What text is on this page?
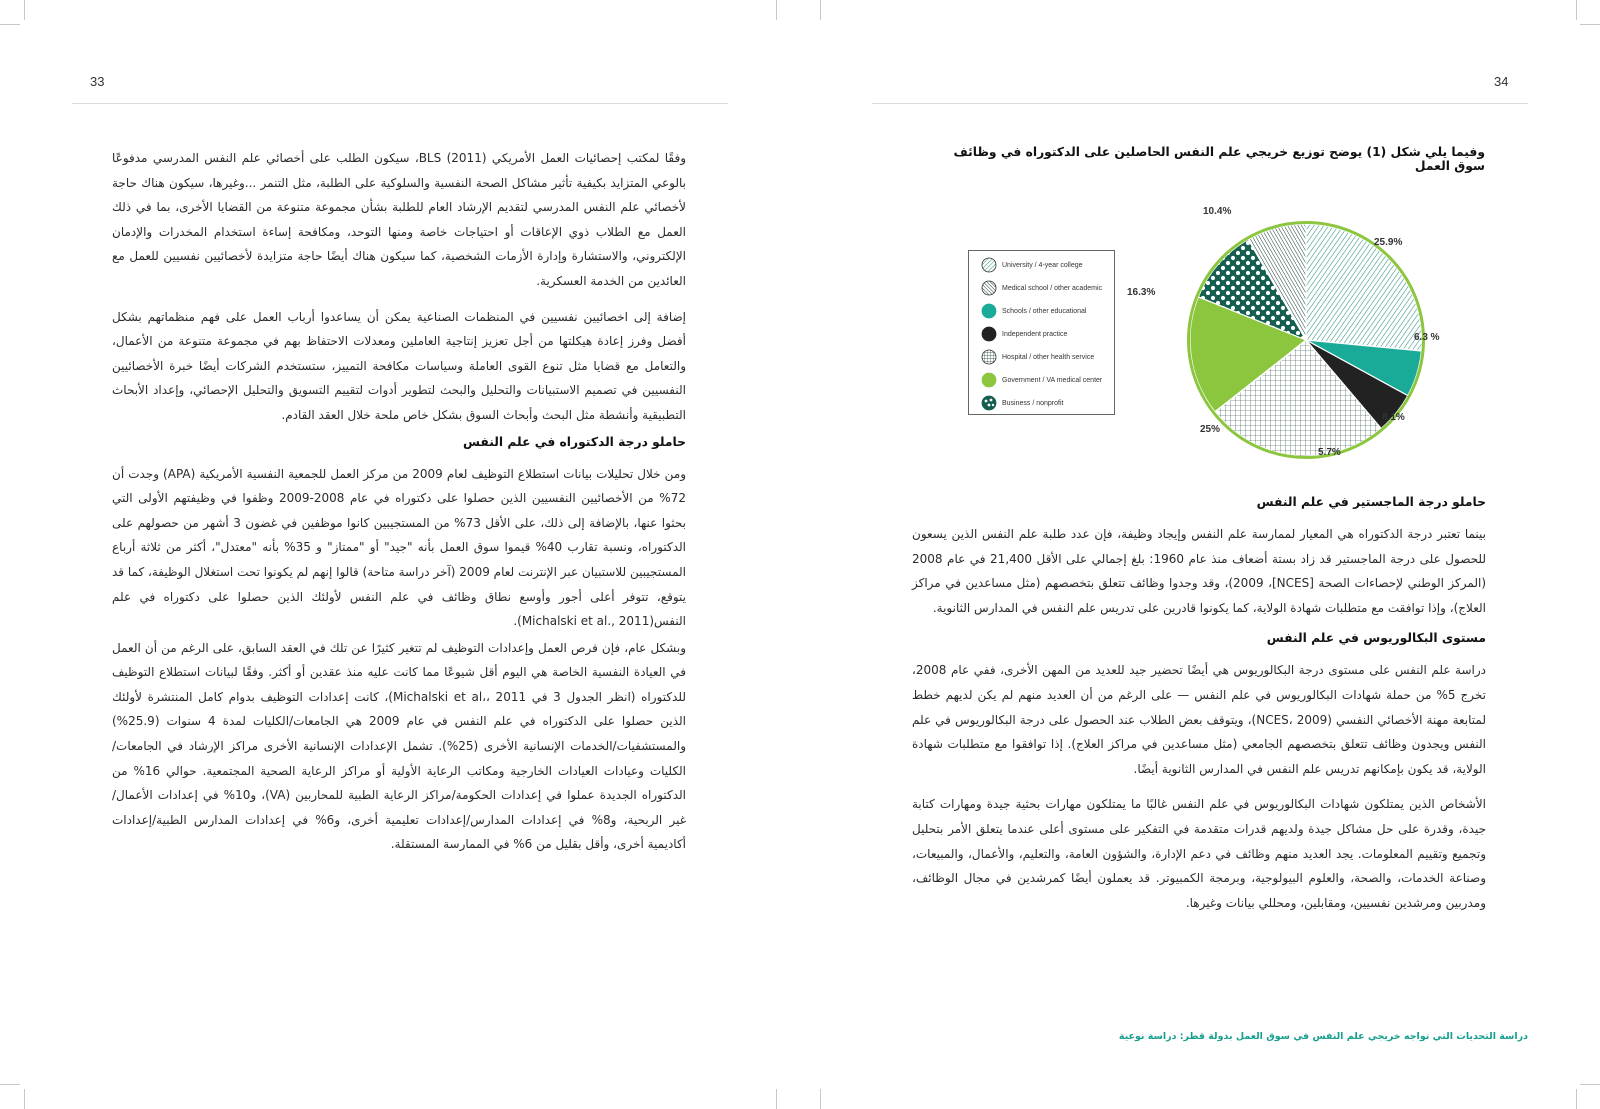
33

وفقًا لمكتب إحصائيات العمل الأمريكي BLS (2011)، سيكون الطلب على أخصائي علم النفس المدرسي مدفوعًا بالوعي المتزايد بكيفية تأثير مشاكل الصحة النفسية والسلوكية على الطلبة، مثل التنمر ...وغيرها، سيكون هناك حاجة لأخصائي علم النفس المدرسي لتقديم الإرشاد العام للطلبة بشأن مجموعة متنوعة من القضايا الأخرى، بما في ذلك العمل مع الطلاب ذوي الإعاقات أو احتياجات خاصة ومنها التوحد، ومكافحة إساءة استخدام المخدرات والإدمان الإلكتروني، والاستشارة وإدارة الأزمات الشخصية، كما سيكون هناك أيضًا حاجة متزايدة لأخصائيين نفسيين للعمل مع العائدين من الخدمة العسكرية.

إضافة إلى اخصائيين نفسيين في المنظمات الصناعية يمكن أن يساعدوا أرباب العمل على فهم منظماتهم بشكل أفضل وفرز إعادة هيكلتها من أجل تعزيز إنتاجية العاملين ومعدلات الاحتفاظ بهم في مجموعة متنوعة من الأعمال، والتعامل مع قضايا مثل تنوع القوى العاملة وسياسات مكافحة التمييز، ستستخدم الشركات أيضًا خبرة الأخصائيين النفسيين في تصميم الاستبيانات والتحليل والبحث لتطوير أدوات لتقييم التسويق والتحليل الإحصائي، وإعداد الأبحاث التطبيقية وأنشطة مثل البحث وأبحاث السوق بشكل خاص ملحة خلال العقد القادم.

حاملو درجة الدكتوراه في علم النفس

ومن خلال تحليلات بيانات استطلاع التوظيف لعام 2009 من مركز العمل للجمعية النفسية الأمريكية (APA) وجدت أن 72% من الأخصائيين النفسيين الذين حصلوا على دكتوراه في عام 2008-2009 وظفوا في وظيفتهم الأولى التي بحثوا عنها، بالإضافة إلى ذلك، على الأقل 73% من المستجيبين كانوا موظفين في غضون 3 أشهر من حصولهم على الدكتوراه، ونسبة تقارب 40% قيموا سوق العمل بأنه "جيد" أو "ممتاز" و 35% بأنه "معتدل"، أكثر من ثلاثة أرباع المستجيبين للاستبيان عبر الإنترنت لعام 2009 (آخر دراسة متاحة) قالوا إنهم لم يكونوا تحت استغلال الوظيفة، كما قد يتوقع، تتوفر أعلى أجور وأوسع نطاق وظائف في علم النفس لأولئك الذين حصلوا على دكتوراه في علم النفس(Michalski et al., 2011).

وبشكل عام، فإن فرص العمل وإعدادات التوظيف لم تتغير كثيرًا عن تلك في العقد السابق، على الرغم من أن العمل في العيادة النفسية الخاصة هي اليوم أقل شيوعًا مما كانت عليه منذ عقدين أو أكثر. وفقًا لبيانات استطلاع التوظيف للدكتوراه (انظر الجدول 3 في Michalski et al،، 2011)، كانت إعدادات التوظيف بدوام كامل المنتشرة لأولئك الذين حصلوا على الدكتوراه في علم النفس في عام 2009 هي الجامعات/الكليات لمدة 4 سنوات (25.9%) والمستشفيات/الخدمات الإنسانية الأخرى (25%). تشمل الإعدادات الإنسانية الأخرى مراكز الإرشاد في الجامعات/الكليات وعيادات العيادات الخارجية ومكاتب الرعاية الأولية أو مراكز الرعاية الصحية المجتمعية. حوالي 16% من الدكتوراه الجديدة عملوا في إعدادات الحكومة/مراكز الرعاية الطبية للمحاربين (VA)، و10% في إعدادات الأعمال/غير الربحية، و8% في إعدادات المدارس/إعدادات تعليمية أخرى، و6% في إعدادات المدارس الطبية/إعدادات أكاديمية أخرى، وأقل بقليل من 6% في الممارسة المستقلة.

34
وفيما يلي شكل (1) يوضح توزيع خريجي علم النفس الحاصلين على الدكتوراه في وظائف سوق العمل
University / 4-year college
Medical school / other academic
Schools / other educational
Independent practice
Hospital / other health service
Government / VA medical center
Business / nonprofit
10.4%
25.9%
16.3%
6.3 %
8.1%
25%
5.7%

حاملو درجة الماجستير في علم النفس

بينما تعتبر درجة الدكتوراه هي المعيار لممارسة علم النفس وإيجاد وظيفة، فإن عدد طلبة علم النفس الذين يسعون للحصول على درجة الماجستير قد زاد بستة أضعاف منذ عام 1960: بلغ إجمالي على الأقل 21,400 في عام 2008 (المركز الوطني لإحصاءات الصحة [NCES]، 2009)، وقد وجدوا وظائف تتعلق بتخصصهم (مثل مساعدين في مراكز العلاج)، وإذا توافقت مع متطلبات شهادة الولاية، كما يكونوا قادرين على تدريس علم النفس في المدارس الثانوية.

مستوى البكالوريوس في علم النفس

دراسة علم النفس على مستوى درجة البكالوريوس هي أيضًا تحضير جيد للعديد من المهن الأخرى، ففي عام 2008، تخرج 5% من حملة شهادات البكالوريوس في علم النفس — على الرغم من أن العديد منهم لم يكن لديهم خطط لمتابعة مهنة الأخصائي النفسي (NCES، 2009)، ويتوقف بعض الطلاب عند الحصول على درجة البكالوريوس في علم النفس ويجدون وظائف تتعلق بتخصصهم الجامعي (مثل مساعدين في مراكز العلاج). إذا توافقوا مع متطلبات شهادة الولاية، قد يكون بإمكانهم تدريس علم النفس في المدارس الثانوية أيضًا.

الأشخاص الذين يمتلكون شهادات البكالوريوس في علم النفس غالبًا ما يمتلكون مهارات بحثية جيدة ومهارات كتابة جيدة، وقدرة على حل مشاكل جيدة ولديهم قدرات متقدمة في التفكير على مستوى أعلى عندما يتعلق الأمر بتحليل وتجميع وتقييم المعلومات. يجد العديد منهم وظائف في دعم الإدارة، والشؤون العامة، والتعليم، والأعمال، والمبيعات، وصناعة الخدمات، والصحة، والعلوم البيولوجية، وبرمجة الكمبيوتر. قد يعملون أيضًا كمرشدين في مجال الوظائف، ومدربين ومرشدين نفسيين، ومقابلين، ومحللي بيانات وغيرها.

دراسة التحديات التي تواجه خريجي علم النفس في سوق العمل بدولة قطر: دراسة نوعية
